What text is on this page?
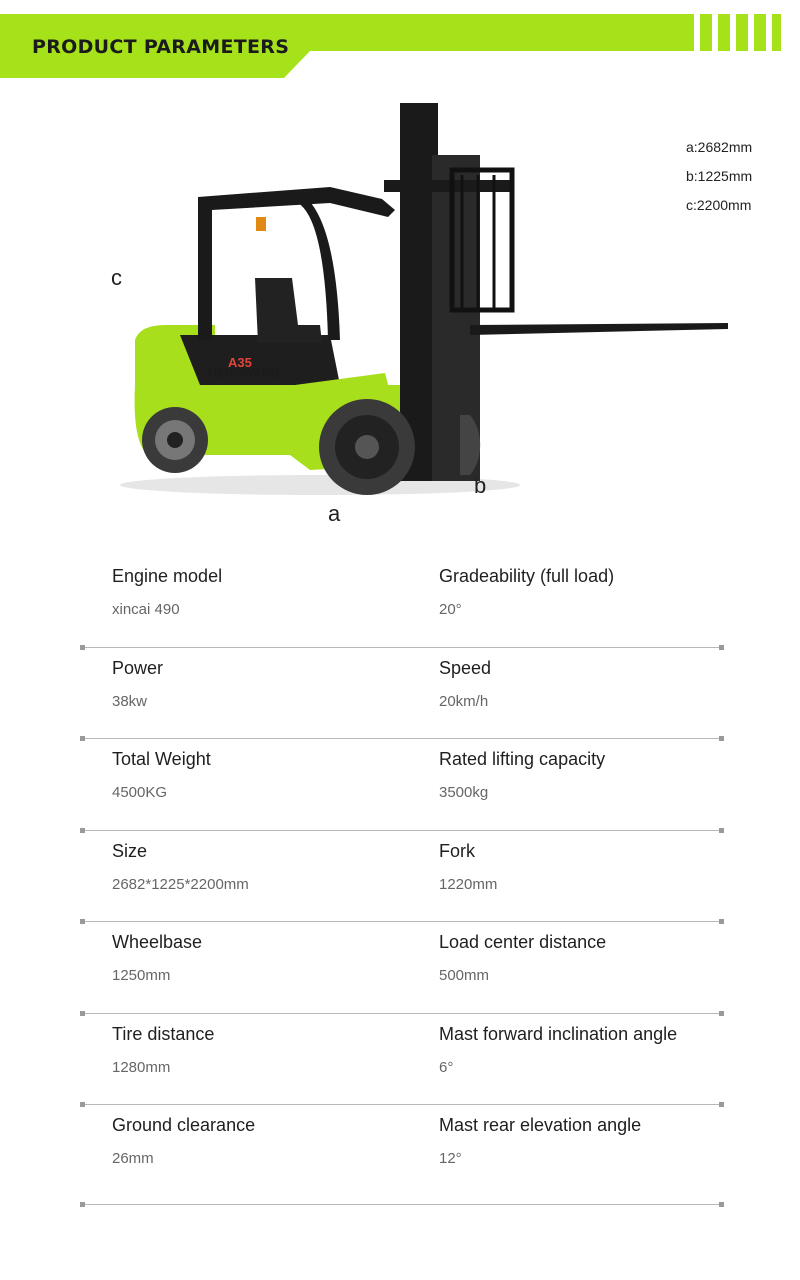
PRODUCT PARAMETERS
HENGWANG
A35
c
a
b
a:2682mm
b:1225mm
c:2200mm
Engine model
xincai 490
Gradeability (full load)
20°
Power
38kw
Speed
20km/h
Total Weight
4500KG
Rated lifting capacity
3500kg
Size
2682*1225*2200mm
Fork
1220mm
Wheelbase
1250mm
Load center distance
500mm
Tire distance
1280mm
Mast forward inclination angle
6°
Ground clearance
26mm
Mast rear elevation angle
12°
